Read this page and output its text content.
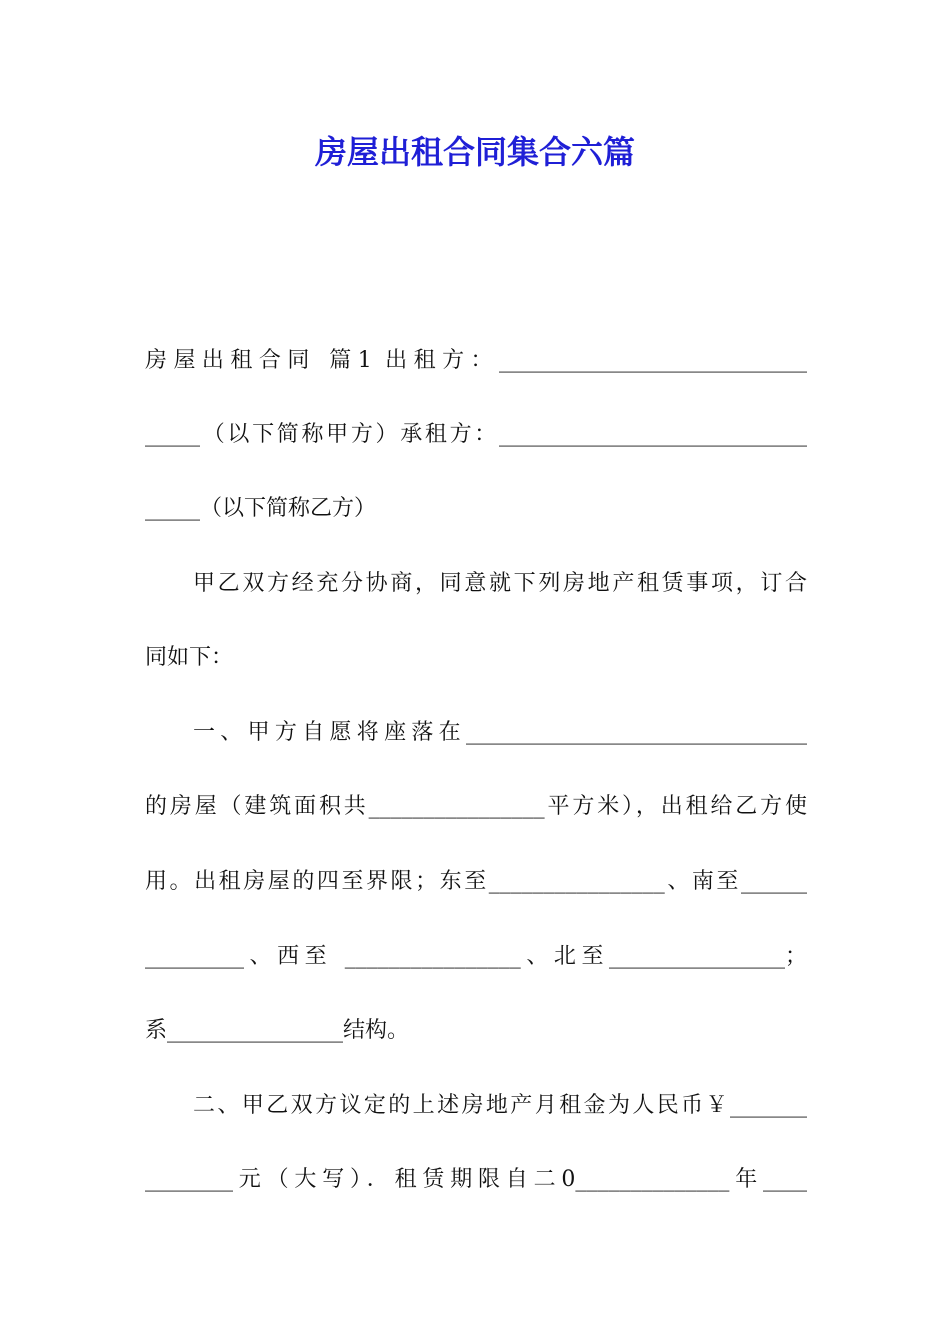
房屋出租合同集合六篇
房屋出租合同 篇1 出租方：____________________________
_____（以下简称甲方）承租方：____________________________
_____（以下简称乙方）
甲乙双方经充分协商，同意就下列房地产租赁事项，订合
同如下：
一、甲方自愿将座落在_______________________________
的房屋（建筑面积共________________平方米），出租给乙方使
用。出租房屋的四至界限；东至________________、南至______
_________、西至 ________________、北至________________；
系________________结构。
二、甲乙双方议定的上述房地产月租金为人民币￥_______
________元（大写）．租赁期限自二0______________年____
